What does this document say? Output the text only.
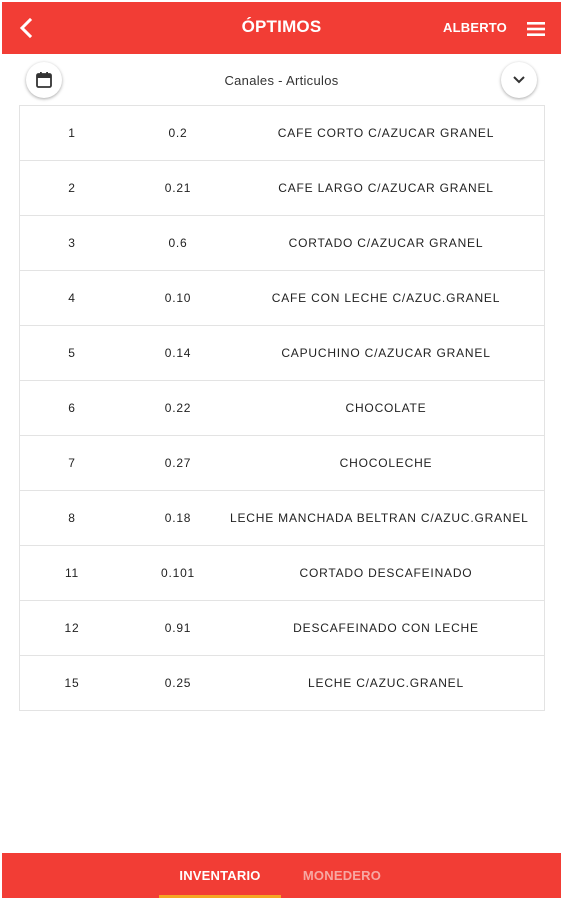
ÓPTIMOS	ALBERTO
Canales - Articulos
1	0.2	CAFE CORTO C/AZUCAR GRANEL
2	0.21	CAFE LARGO C/AZUCAR GRANEL
3	0.6	CORTADO C/AZUCAR GRANEL
4	0.10	CAFE CON LECHE C/AZUC.GRANEL
5	0.14	CAPUCHINO C/AZUCAR GRANEL
6	0.22	CHOCOLATE
7	0.27	CHOCOLECHE
8	0.18	LECHE MANCHADA BELTRAN C/AZUC.GRANEL
11	0.101	CORTADO DESCAFEINADO
12	0.91	DESCAFEINADO CON LECHE
15	0.25	LECHE C/AZUC.GRANEL
INVENTARIO	MONEDERO
